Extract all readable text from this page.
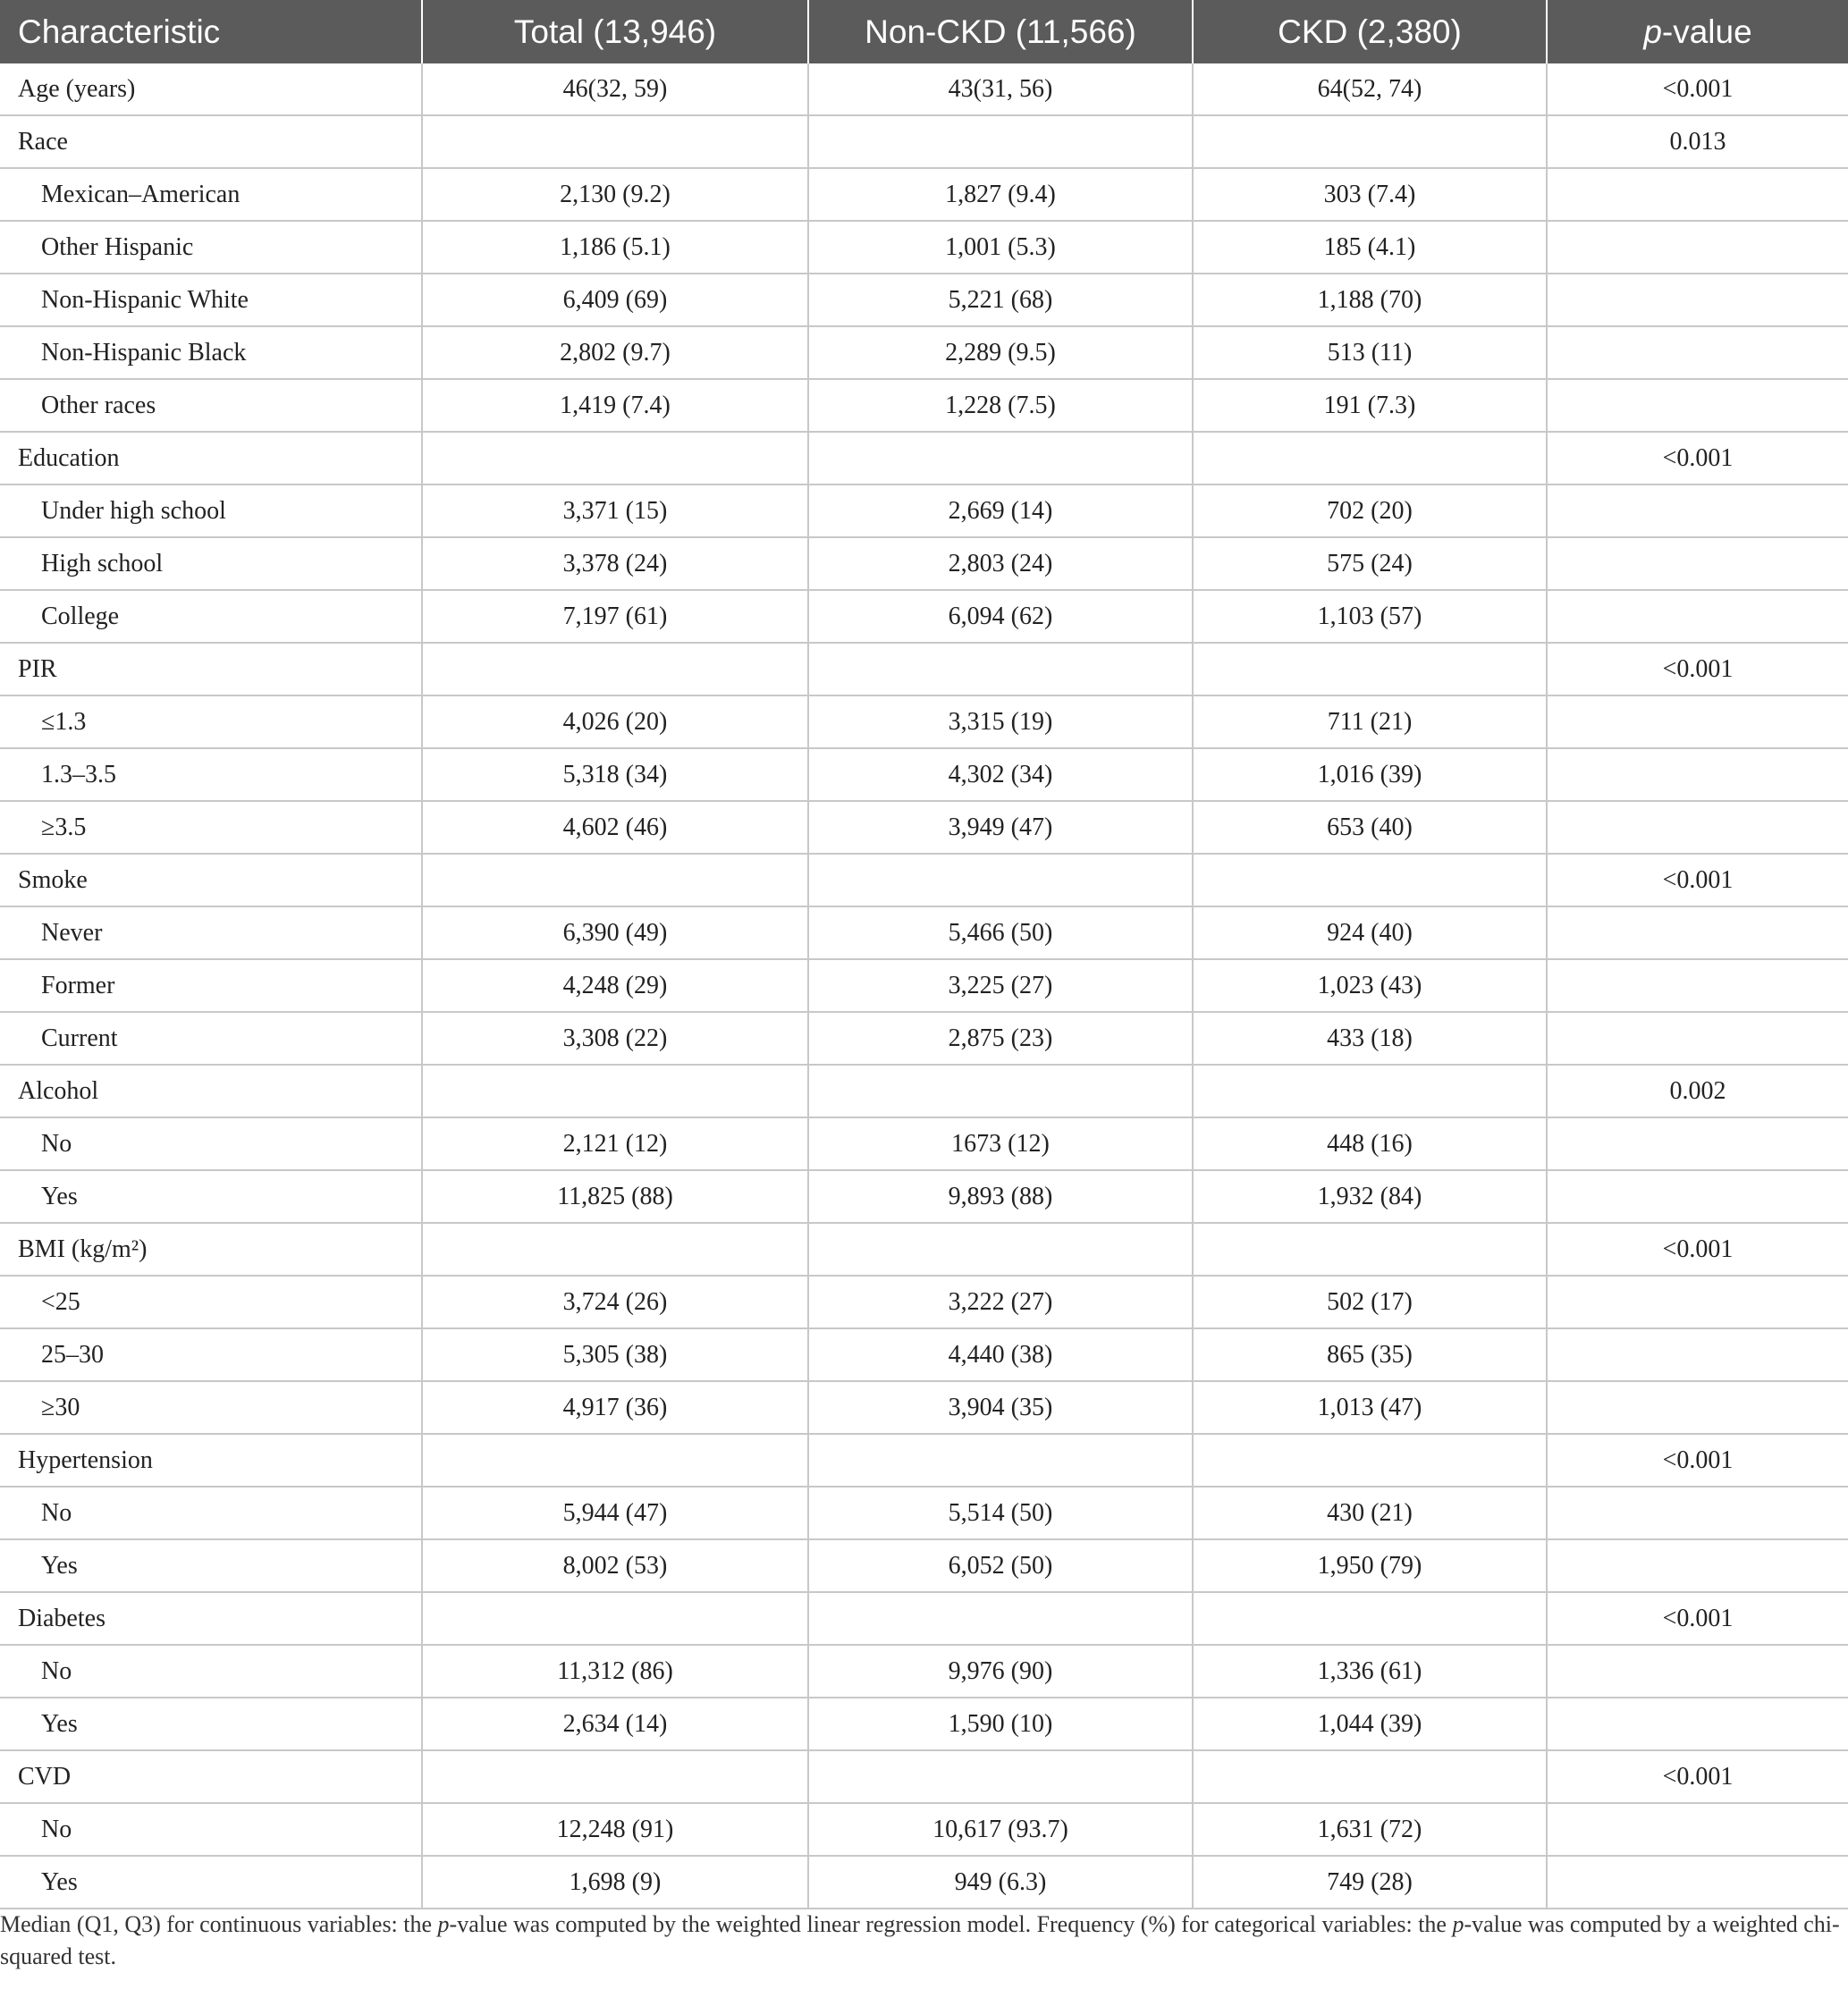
Characteristic	Total (13,946)	Non-CKD (11,566)	CKD (2,380)	p-value
Age (years)	46(32, 59)	43(31, 56)	64(52, 74)	<0.001
Race				0.013
Mexican–American	2,130 (9.2)	1,827 (9.4)	303 (7.4)	
Other Hispanic	1,186 (5.1)	1,001 (5.3)	185 (4.1)	
Non-Hispanic White	6,409 (69)	5,221 (68)	1,188 (70)	
Non-Hispanic Black	2,802 (9.7)	2,289 (9.5)	513 (11)	
Other races	1,419 (7.4)	1,228 (7.5)	191 (7.3)	
Education				<0.001
Under high school	3,371 (15)	2,669 (14)	702 (20)	
High school	3,378 (24)	2,803 (24)	575 (24)	
College	7,197 (61)	6,094 (62)	1,103 (57)	
PIR				<0.001
≤1.3	4,026 (20)	3,315 (19)	711 (21)	
1.3–3.5	5,318 (34)	4,302 (34)	1,016 (39)	
≥3.5	4,602 (46)	3,949 (47)	653 (40)	
Smoke				<0.001
Never	6,390 (49)	5,466 (50)	924 (40)	
Former	4,248 (29)	3,225 (27)	1,023 (43)	
Current	3,308 (22)	2,875 (23)	433 (18)	
Alcohol				0.002
No	2,121 (12)	1673 (12)	448 (16)	
Yes	11,825 (88)	9,893 (88)	1,932 (84)	
BMI (kg/m²)				<0.001
<25	3,724 (26)	3,222 (27)	502 (17)	
25–30	5,305 (38)	4,440 (38)	865 (35)	
≥30	4,917 (36)	3,904 (35)	1,013 (47)	
Hypertension				<0.001
No	5,944 (47)	5,514 (50)	430 (21)	
Yes	8,002 (53)	6,052 (50)	1,950 (79)	
Diabetes				<0.001
No	11,312 (86)	9,976 (90)	1,336 (61)	
Yes	2,634 (14)	1,590 (10)	1,044 (39)	
CVD				<0.001
No	12,248 (91)	10,617 (93.7)	1,631 (72)	
Yes	1,698 (9)	949 (6.3)	749 (28)	
Median (Q1, Q3) for continuous variables: the p-value was computed by the weighted linear regression model. Frequency (%) for categorical variables: the p-value was computed by a weighted chi-squared test.
